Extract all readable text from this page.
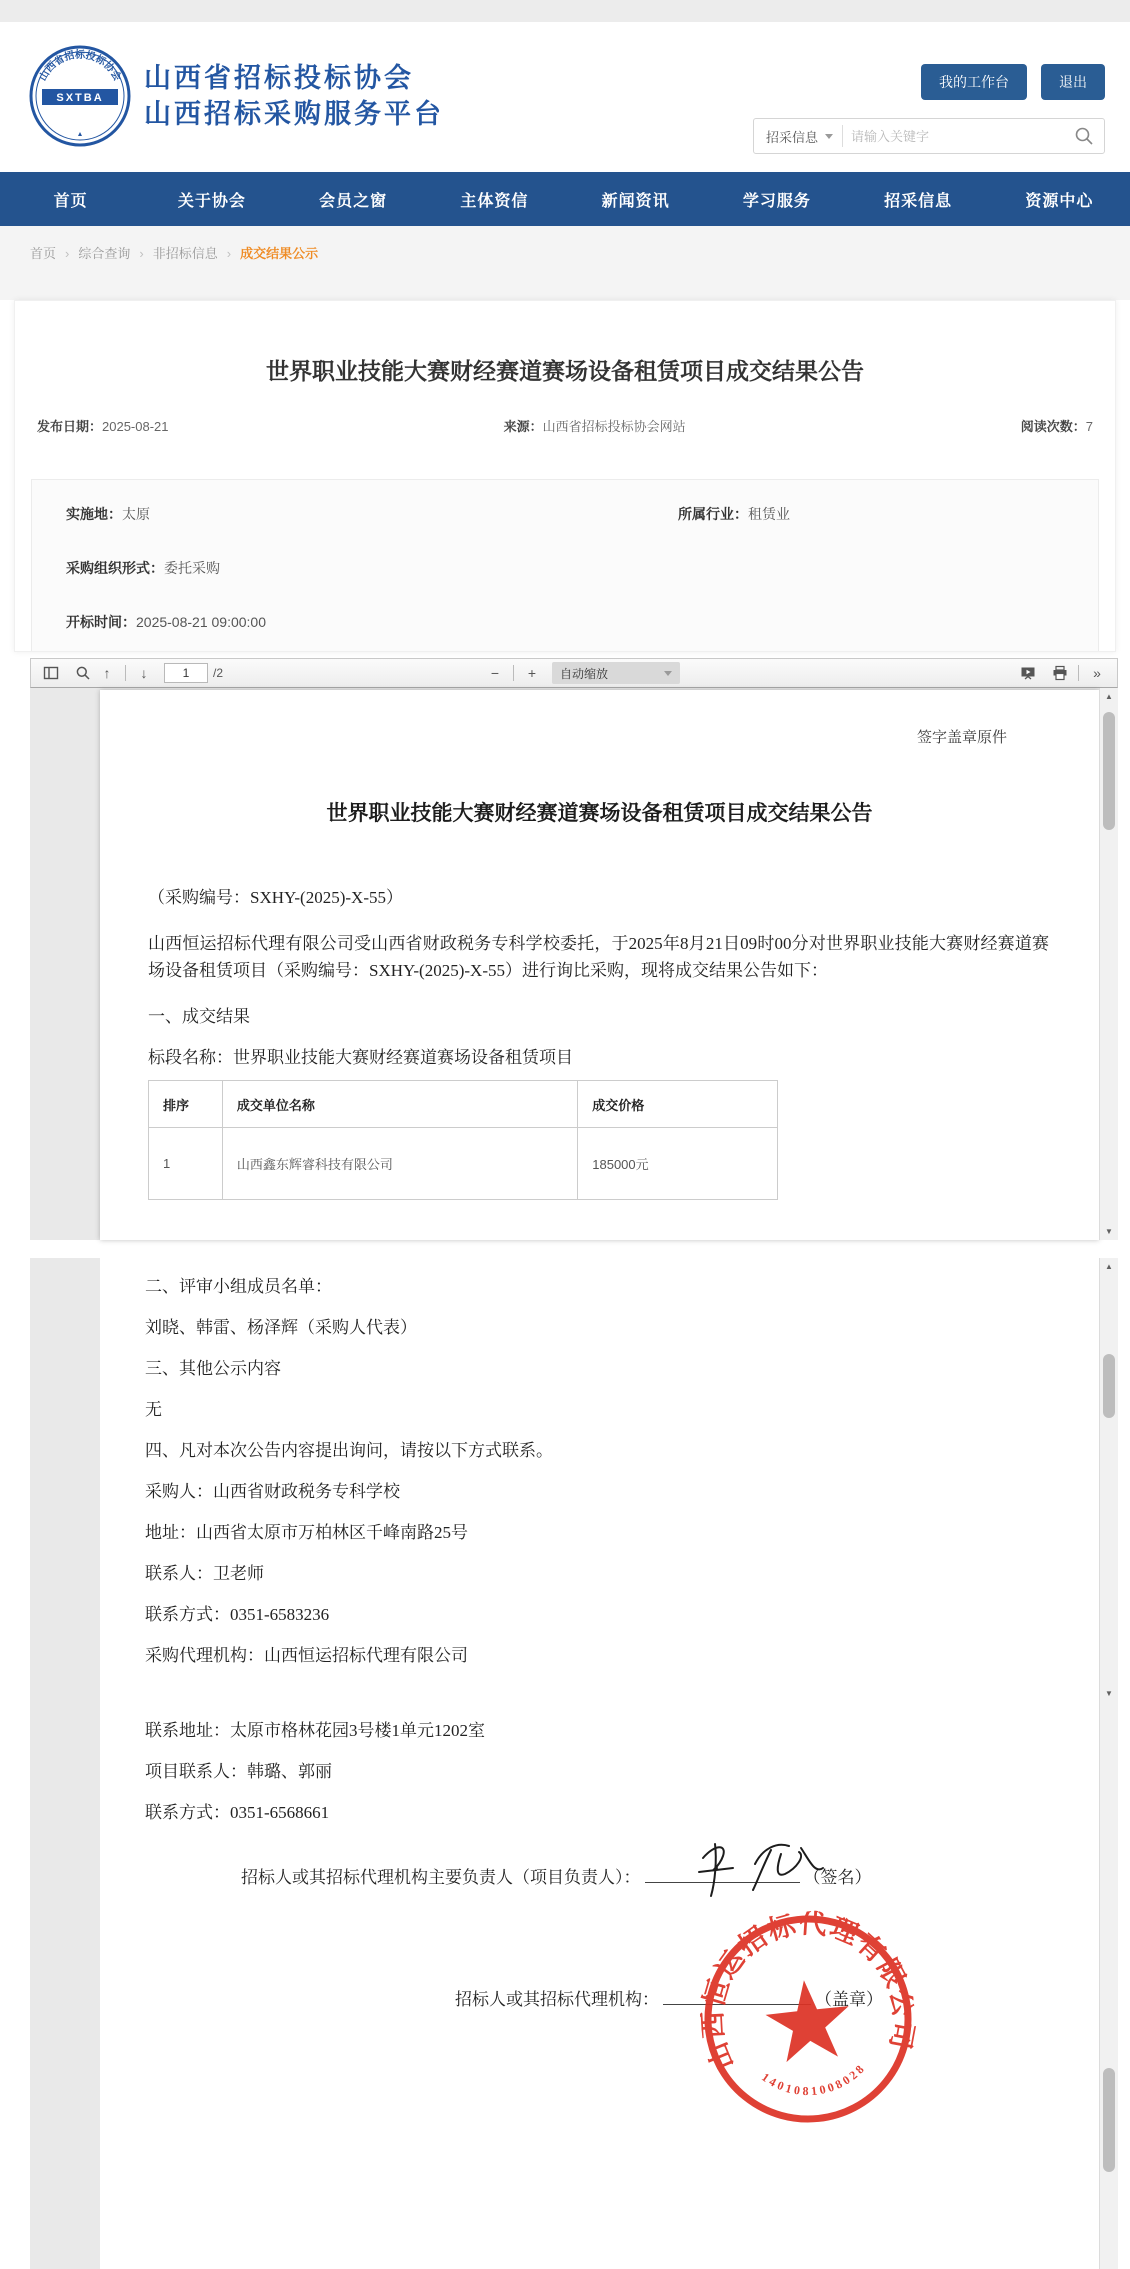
山西省招标投标协会
SXTBA
山西省招标投标协会
山西招标采购服务平台
我的工作台	退出
招采信息
请输入关键字
首页	关于协会	会员之窗	主体资信	新闻资讯	学习服务	招采信息	资源中心
首页 › 综合查询 › 非招标信息 › 成交结果公示
世界职业技能大赛财经赛道赛场设备租赁项目成交结果公告
发布日期：2025-08-21	来源：山西省招标投标协会网站	阅读次数：7
实施地：太原	所属行业：租赁业
采购组织形式：委托采购
开标时间：2025-08-21 09:00:00
↑	↓
1	/2	−	+	自动缩放	»
签字盖章原件
世界职业技能大赛财经赛道赛场设备租赁项目成交结果公告
（采购编号：SXHY-(2025)-X-55）
山西恒运招标代理有限公司受山西省财政税务专科学校委托，于2025年8月21日09时00分对世界职业技能大赛财经赛道赛场设备租赁项目（采购编号：SXHY-(2025)-X-55）进行询比采购，现将成交结果公告如下：
一、成交结果
标段名称：世界职业技能大赛财经赛道赛场设备租赁项目
排序	成交单位名称	成交价格
1	山西鑫东辉睿科技有限公司	185000元
▲
▼
二、评审小组成员名单：
刘晓、韩雷、杨泽辉（采购人代表）
三、其他公示内容
无
四、凡对本次公告内容提出询问，请按以下方式联系。
采购人：山西省财政税务专科学校
地址：山西省太原市万柏林区千峰南路25号
联系人：卫老师
联系方式：0351-6583236
采购代理机构：山西恒运招标代理有限公司
▲
▼
联系地址：太原市格林花园3号楼1单元1202室
项目联系人：韩璐、郭丽
联系方式：0351-6568661
招标人或其招标代理机构主要负责人（项目负责人）：	（签名）
招标人或其招标代理机构：	（盖章）
山西恒运招标代理有限公司
1401081008028
